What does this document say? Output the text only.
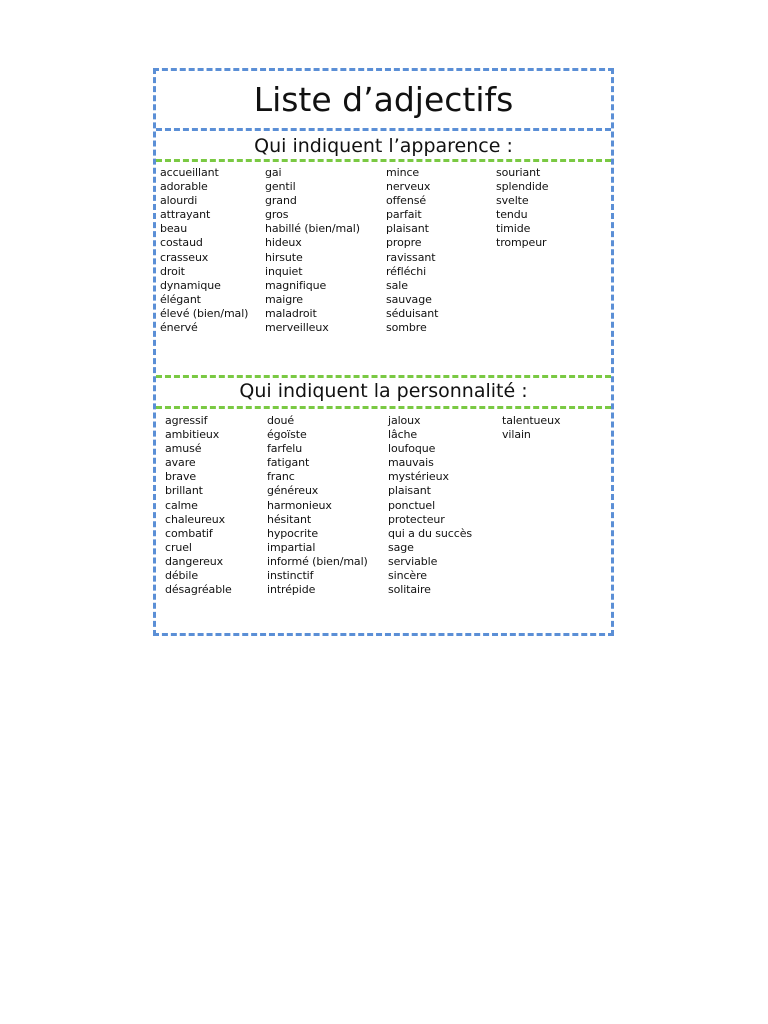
Liste d’adjectifs
Qui indiquent l’apparence :
accueillant
adorable
alourdi
attrayant
beau
costaud
crasseux
droit
dynamique
élégant
élevé (bien/mal)
énervé
gai
gentil
grand
gros
habillé (bien/mal)
hideux
hirsute
inquiet
magnifique
maigre
maladroit
merveilleux
mince
nerveux
offensé
parfait
plaisant
propre
ravissant
réfléchi
sale
sauvage
séduisant
sombre
souriant
splendide
svelte
tendu
timide
trompeur
Qui indiquent la personnalité :
agressif
ambitieux
amusé
avare
brave
brillant
calme
chaleureux
combatif
cruel
dangereux
débile
désagréable
doué
égoïste
farfelu
fatigant
franc
généreux
harmonieux
hésitant
hypocrite
impartial
informé (bien/mal)
instinctif
intrépide
jaloux
lâche
loufoque
mauvais
mystérieux
plaisant
ponctuel
protecteur
qui a du succès
sage
serviable
sincère
solitaire
talentueux
vilain
